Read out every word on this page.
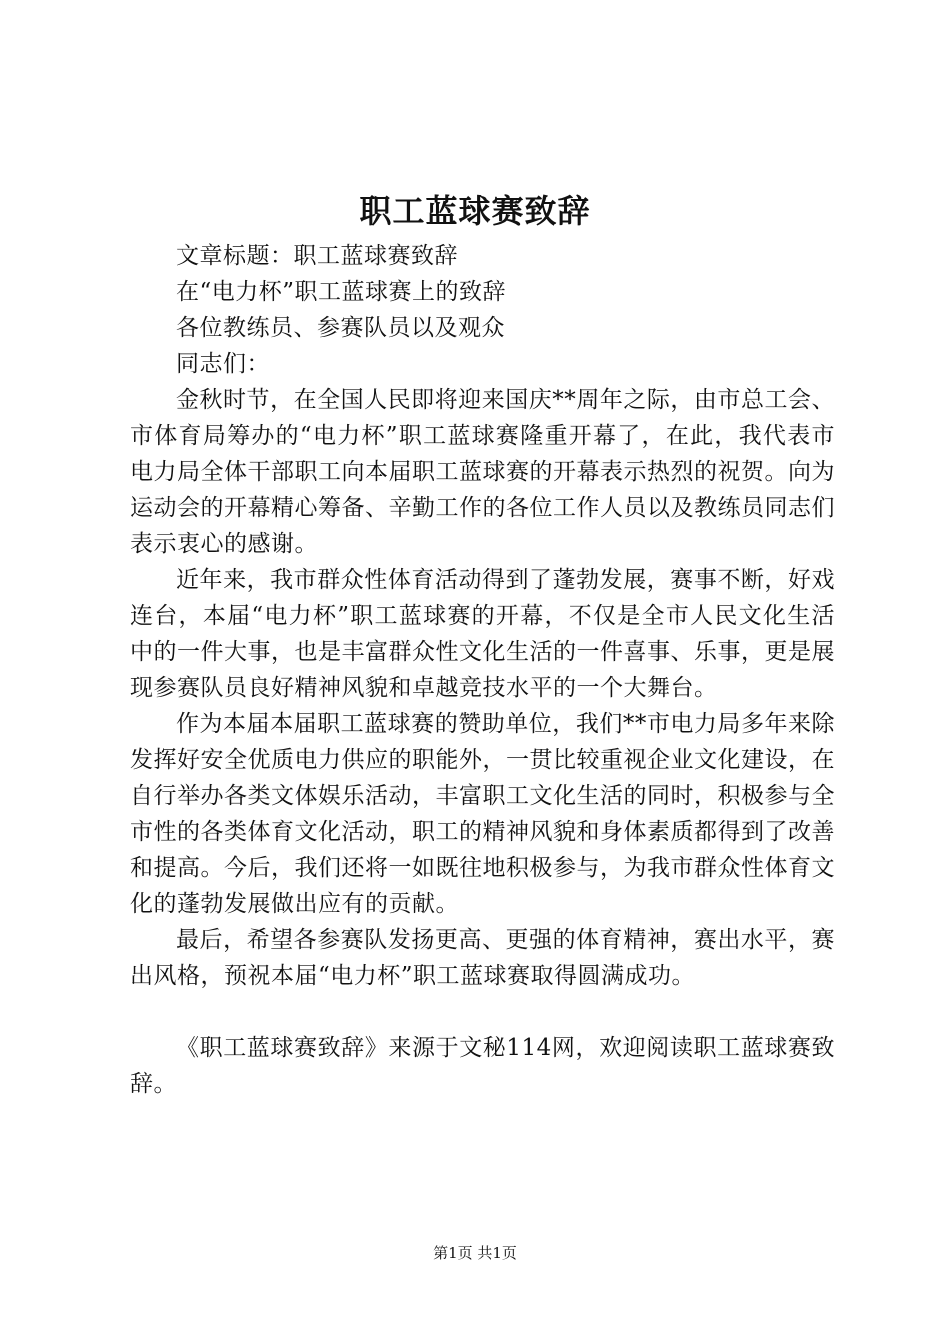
职工蓝球赛致辞

文章标题：职工蓝球赛致辞

在“电力杯”职工蓝球赛上的致辞

各位教练员、参赛队员以及观众

同志们：

金秋时节，在全国人民即将迎来国庆**周年之际，由市总工会、市体育局筹办的“电力杯”职工蓝球赛隆重开幕了，在此，我代表市电力局全体干部职工向本届职工蓝球赛的开幕表示热烈的祝贺。向为运动会的开幕精心筹备、辛勤工作的各位工作人员以及教练员同志们表示衷心的感谢。

近年来，我市群众性体育活动得到了蓬勃发展，赛事不断，好戏连台，本届“电力杯”职工蓝球赛的开幕，不仅是全市人民文化生活中的一件大事，也是丰富群众性文化生活的一件喜事、乐事，更是展现参赛队员良好精神风貌和卓越竞技水平的一个大舞台。

作为本届本届职工蓝球赛的赞助单位，我们**市电力局多年来除发挥好安全优质电力供应的职能外，一贯比较重视企业文化建设，在自行举办各类文体娱乐活动，丰富职工文化生活的同时，积极参与全市性的各类体育文化活动，职工的精神风貌和身体素质都得到了改善和提高。今后，我们还将一如既往地积极参与，为我市群众性体育文化的蓬勃发展做出应有的贡献。

最后，希望各参赛队发扬更高、更强的体育精神，赛出水平，赛出风格，预祝本届“电力杯”职工蓝球赛取得圆满成功。

《职工蓝球赛致辞》来源于文秘114网，欢迎阅读职工蓝球赛致辞。

第1页 共1页
